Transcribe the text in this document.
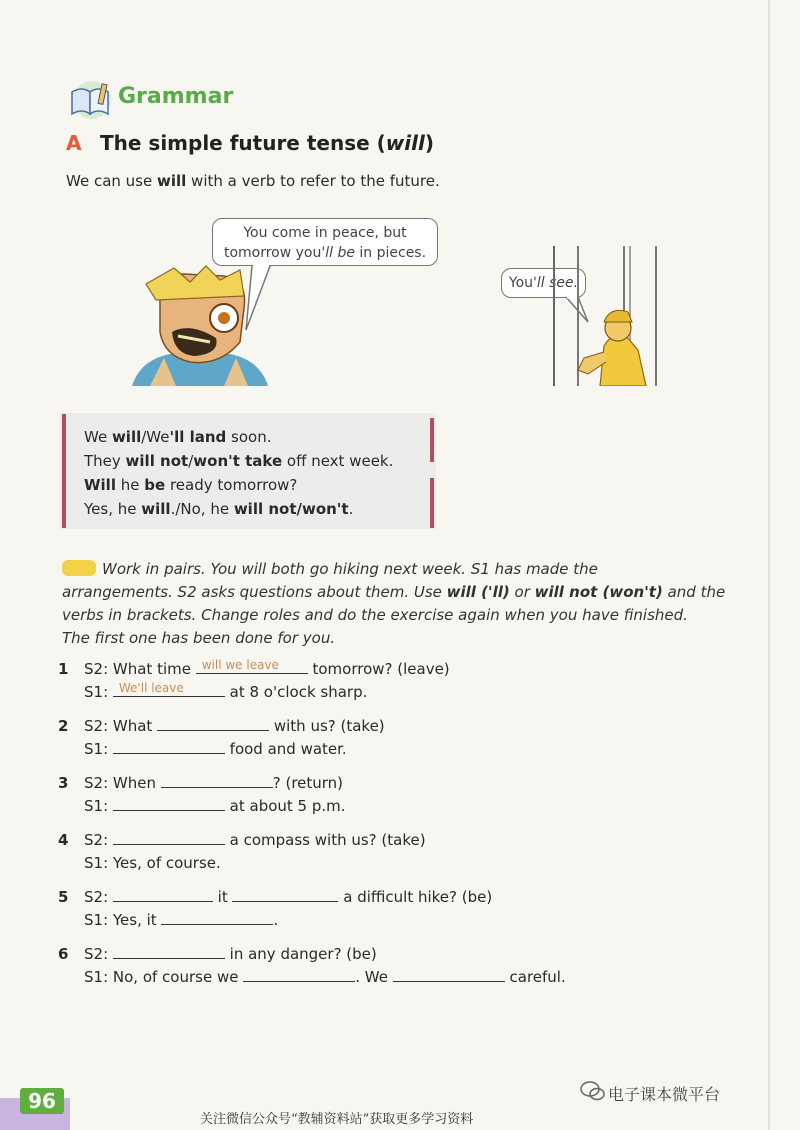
Grammar
A The simple future tense (will)
We can use will with a verb to refer to the future.
You come in peace, but
tomorrow you'll be in pieces.
You'll see.
We will/We'll land soon.
They will not/won't take off next week.
Will he be ready tomorrow?
Yes, he will./No, he will not/won't.
Work in pairs. You will both go hiking next week. S1 has made the
arrangements. S2 asks questions about them. Use will ('ll) or will not (won't) and the
verbs in brackets. Change roles and do the exercise again when you have finished.
The first one has been done for you.
1 S2: What time will we leave tomorrow? (leave)
S1: We'll leave	at 8 o'clock sharp.
2 S2: What	with us? (take)
S1:	food and water.
3 S2: When	? (return)
S1:	at about 5 p.m.
4 S2:	a compass with us? (take)
S1: Yes, of course.
5 S2:	it	a difficult hike? (be)
S1: Yes, it	.
6 S2:	in any danger? (be)
S1: No, of course we	. We	careful.
96	电子课本微平台
关注微信公众号“教辅资料站”获取更多学习资料
